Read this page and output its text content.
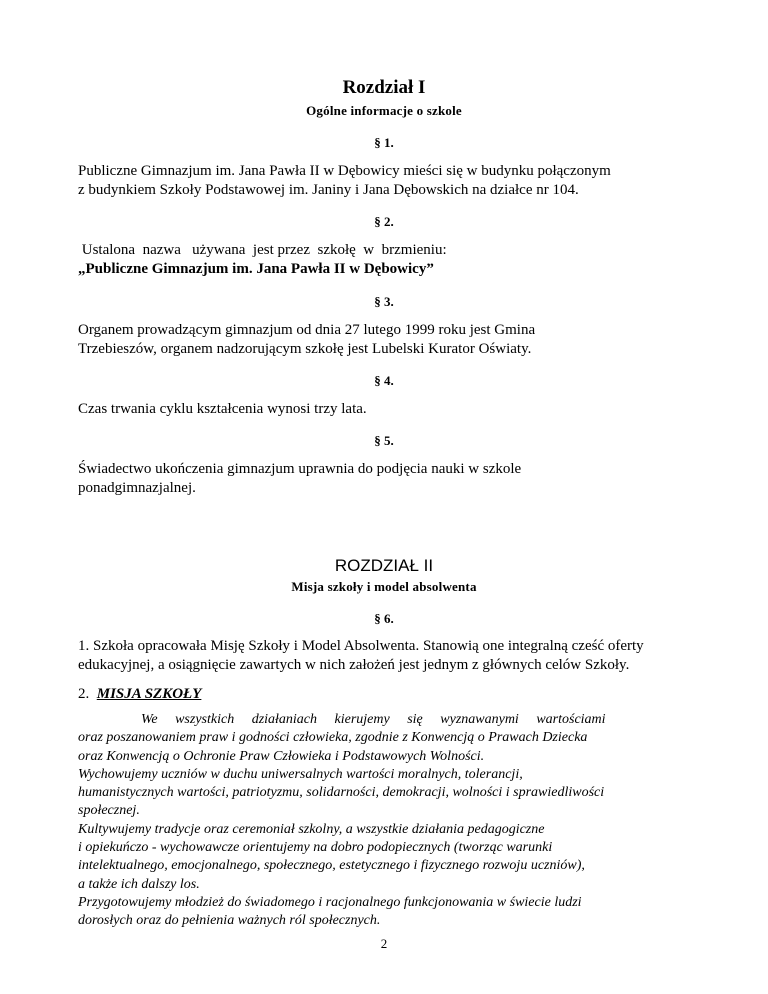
Rozdział I
Ogólne informacje o szkole
§ 1.
Publiczne Gimnazjum im. Jana Pawła II w Dębowicy mieści się w budynku połączonym
z budynkiem Szkoły Podstawowej im. Janiny i Jana Dębowskich na działce nr 104.
§ 2.
Ustalona  nazwa   używana  jest przez  szkołę  w  brzmieniu:
„Publiczne Gimnazjum im. Jana Pawła II w Dębowicy”
§ 3.
Organem prowadzącym gimnazjum od dnia 27 lutego 1999 roku jest Gmina
Trzebieszów, organem nadzorującym szkołę jest Lubelski Kurator Oświaty.
§ 4.
Czas trwania cyklu kształcenia wynosi trzy lata.
§ 5.
Świadectwo ukończenia gimnazjum uprawnia do podjęcia nauki w szkole
ponadgimnazjalnej.
ROZDZIAŁ II
Misja szkoły i model absolwenta
§ 6.
1. Szkoła opracowała Misję Szkoły i Model Absolwenta. Stanowią one integralną cześć oferty
edukacyjnej, a osiągnięcie zawartych w nich założeń jest jednym z głównych celów Szkoły.
2. MISJA SZKOŁY
We     wszystkich     działaniach     kierujemy     się     wyznawanymi     wartościami
oraz poszanowaniem praw i godności człowieka, zgodnie z Konwencją o Prawach Dziecka
oraz Konwencją o Ochronie Praw Człowieka i Podstawowych Wolności.
Wychowujemy uczniów w duchu uniwersalnych wartości moralnych, tolerancji,
humanistycznych wartości, patriotyzmu, solidarności, demokracji, wolności i sprawiedliwości
społecznej.
Kultywujemy tradycje oraz ceremoniał szkolny, a wszystkie działania pedagogiczne
i opiekuńczo - wychowawcze orientujemy na dobro podopiecznych (tworząc warunki
intelektualnego, emocjonalnego, społecznego, estetycznego i fizycznego rozwoju uczniów),
a także ich dalszy los.
Przygotowujemy młodzież do świadomego i racjonalnego funkcjonowania w świecie ludzi
dorosłych oraz do pełnienia ważnych ról społecznych.
2
